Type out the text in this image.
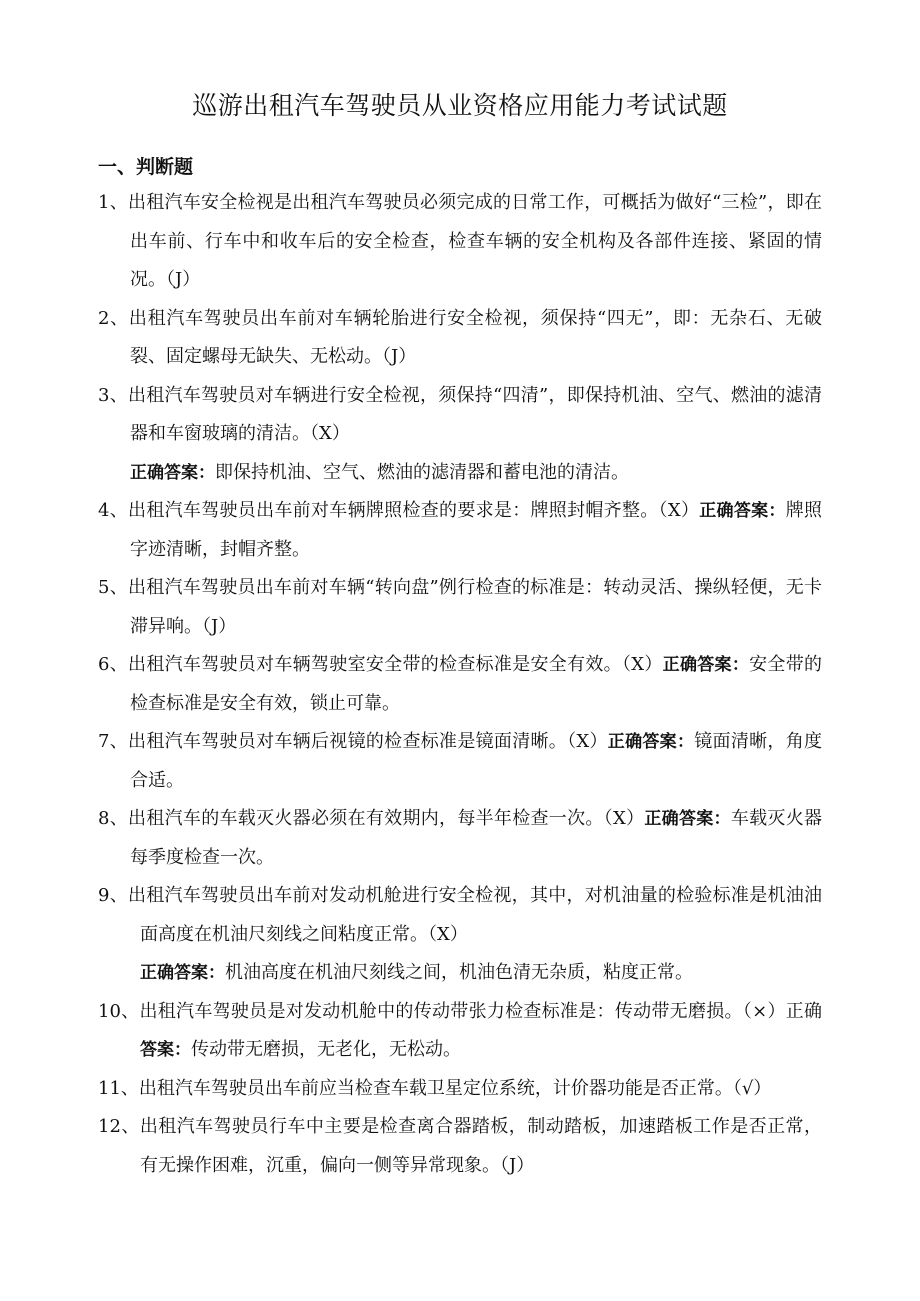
巡游出租汽车驾驶员从业资格应用能力考试试题
一、判断题
1、出租汽车安全检视是出租汽车驾驶员必须完成的日常工作，可概括为做好“三检”，即在出车前、行车中和收车后的安全检查，检查车辆的安全机构及各部件连接、紧固的情况。（J）
2、出租汽车驾驶员出车前对车辆轮胎进行安全检视，须保持“四无”，即：无杂石、无破裂、固定螺母无缺失、无松动。（J）
3、出租汽车驾驶员对车辆进行安全检视，须保持“四清”，即保持机油、空气、燃油的滤清器和车窗玻璃的清洁。（X）
正确答案：即保持机油、空气、燃油的滤清器和蓄电池的清洁。
4、出租汽车驾驶员出车前对车辆牌照检查的要求是：牌照封帽齐整。（X）正确答案：牌照字迹清晰，封帽齐整。
5、出租汽车驾驶员出车前对车辆“转向盘”例行检查的标准是：转动灵活、操纵轻便，无卡滞异响。（J）
6、出租汽车驾驶员对车辆驾驶室安全带的检查标准是安全有效。（X）正确答案：安全带的检查标准是安全有效，锁止可靠。
7、出租汽车驾驶员对车辆后视镜的检查标准是镜面清晰。（X）正确答案：镜面清晰，角度合适。
8、出租汽车的车载灭火器必须在有效期内，每半年检查一次。（X）正确答案：车载灭火器每季度检查一次。
9、出租汽车驾驶员出车前对发动机舱进行安全检视，其中，对机油量的检验标准是机油油面高度在机油尺刻线之间粘度正常。（X）
正确答案：机油高度在机油尺刻线之间，机油色清无杂质，粘度正常。
10、出租汽车驾驶员是对发动机舱中的传动带张力检查标准是：传动带无磨损。（×）正确答案：传动带无磨损，无老化，无松动。
11、出租汽车驾驶员出车前应当检查车载卫星定位系统，计价器功能是否正常。（√）
12、出租汽车驾驶员行车中主要是检查离合器踏板，制动踏板，加速踏板工作是否正常，有无操作困难，沉重，偏向一侧等异常现象。（J）
